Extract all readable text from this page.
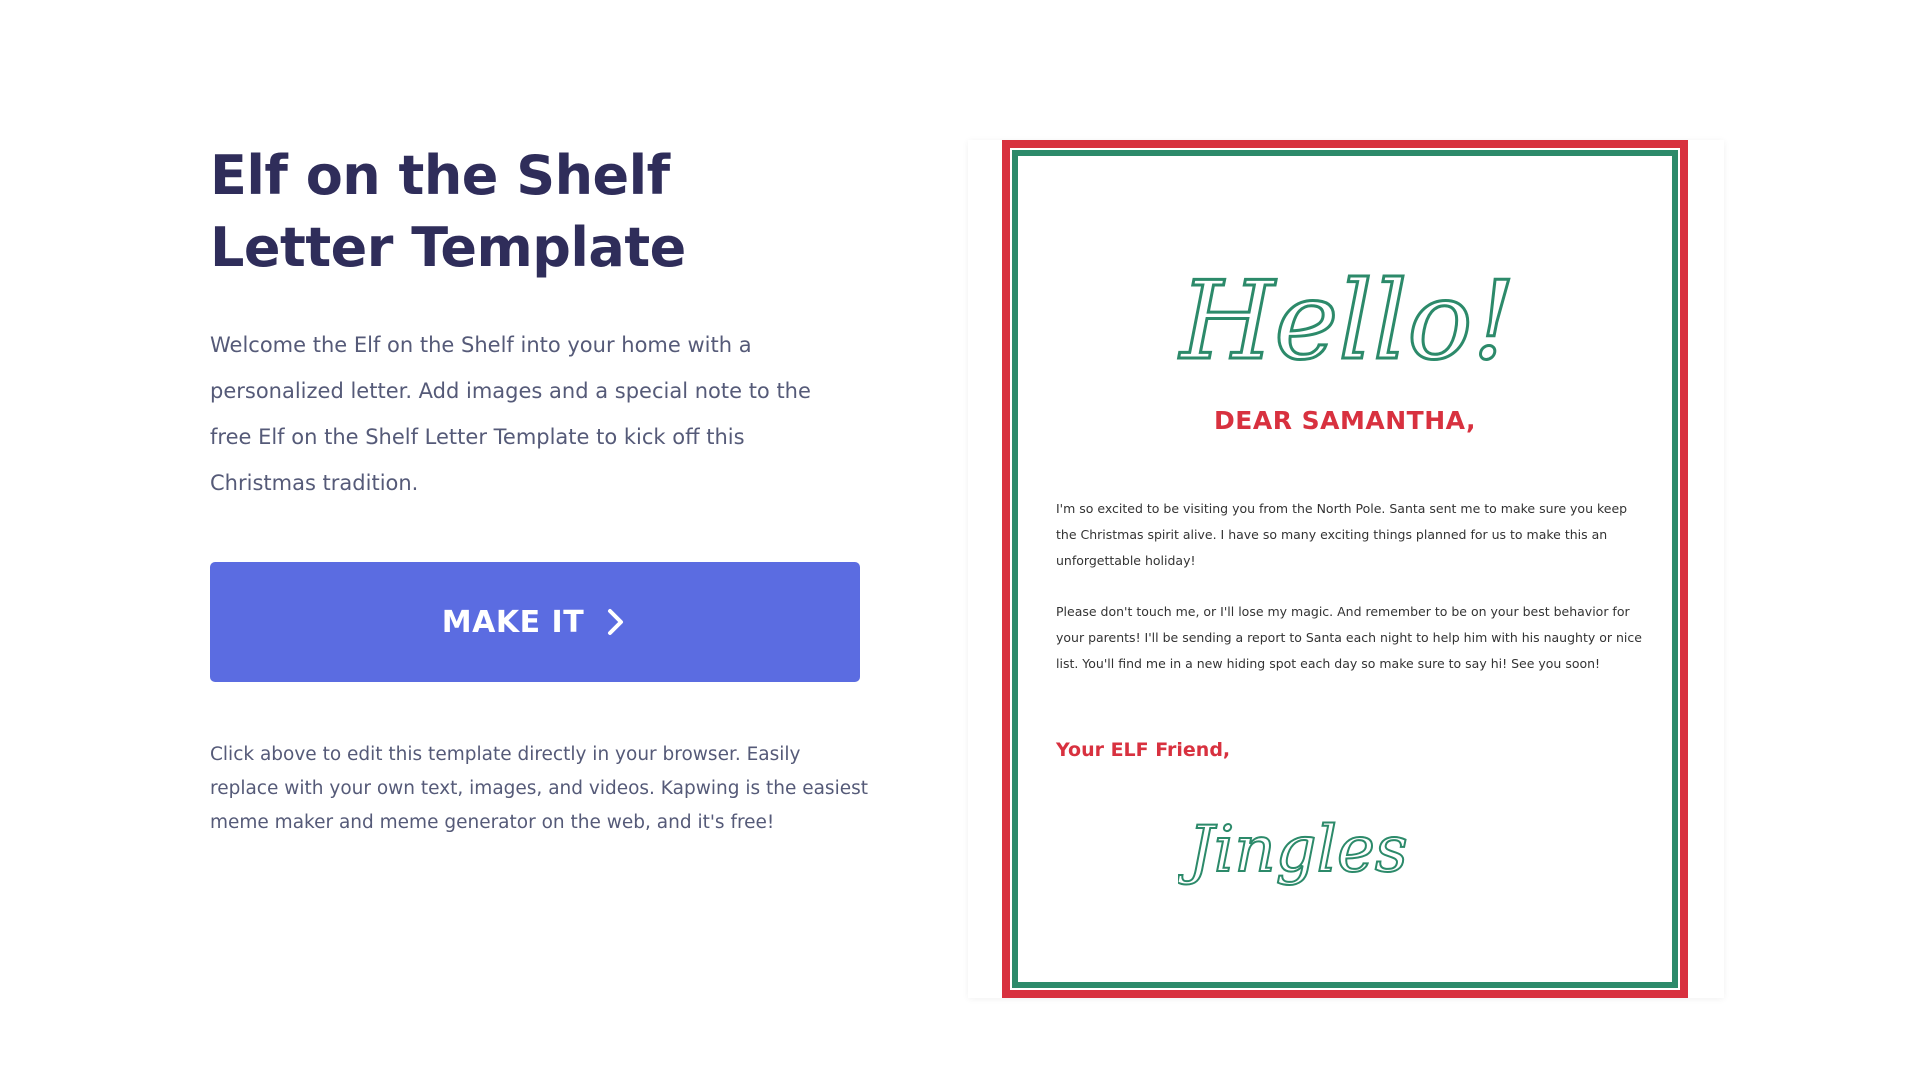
Elf on the Shelf Letter Template

Welcome the Elf on the Shelf into your home with a personalized letter. Add images and a special note to the free Elf on the Shelf Letter Template to kick off this Christmas tradition.

MAKE IT

Click above to edit this template directly in your browser. Easily replace with your own text, images, and videos. Kapwing is the easiest meme maker and meme generator on the web, and it's free!

Hello!
DEAR SAMANTHA,
I'm so excited to be visiting you from the North Pole. Santa sent me to make sure you keep the Christmas spirit alive. I have so many exciting things planned for us to make this an unforgettable holiday!
Please don't touch me, or I'll lose my magic. And remember to be on your best behavior for your parents! I'll be sending a report to Santa each night to help him with his naughty or nice list. You'll find me in a new hiding spot each day so make sure to say hi! See you soon!
Your ELF Friend,
Jingles
